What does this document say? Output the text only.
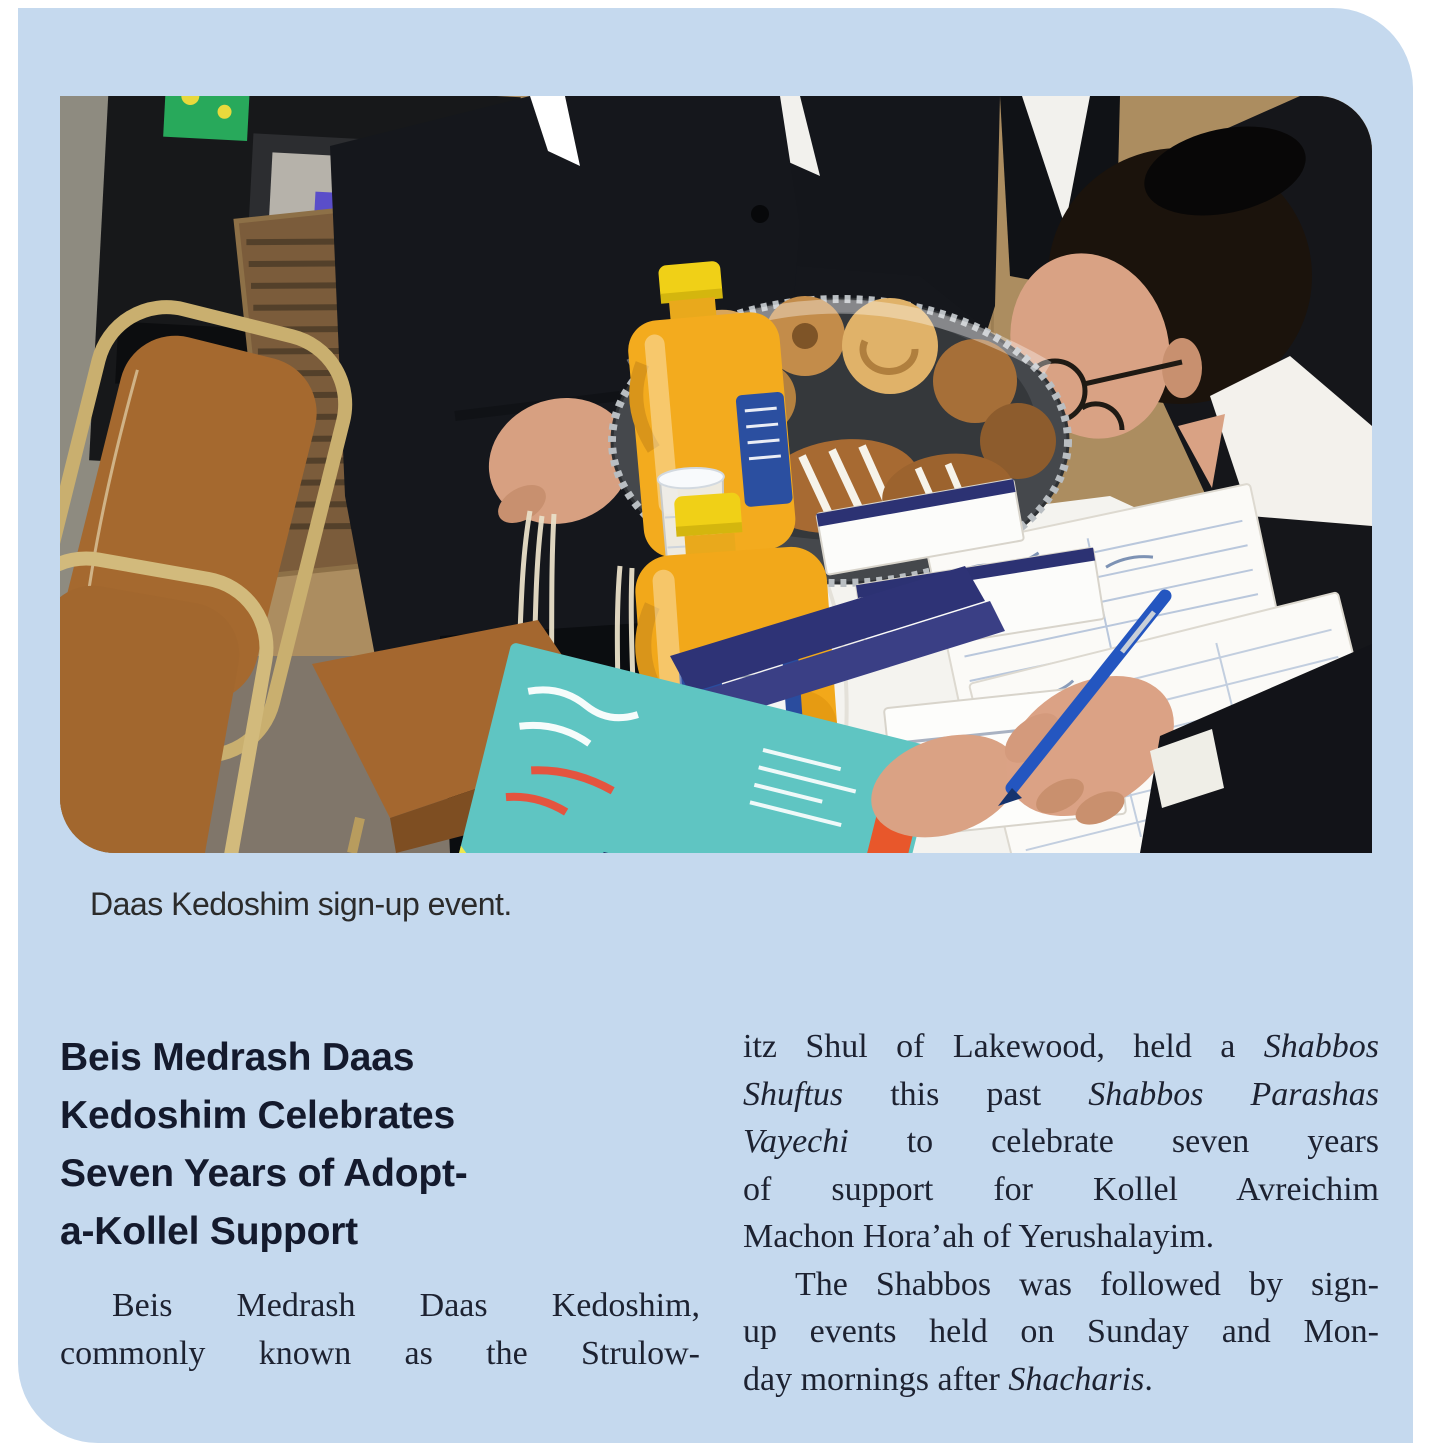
Daas Kedoshim sign-up event.
Beis Medrash Daas
Kedoshim Celebrates
Seven Years of Adopt-
a-Kollel Support
Beis Medrash Daas Kedoshim,
commonly known as the Strulow-
itz Shul of Lakewood, held a Shabbos
Shuftus this past Shabbos Parashas
Vayechi to celebrate seven years
of support for Kollel Avreichim
Machon Hora’ah of Yerushalayim.
The Shabbos was followed by sign-
up events held on Sunday and Mon-
day mornings after Shacharis.
